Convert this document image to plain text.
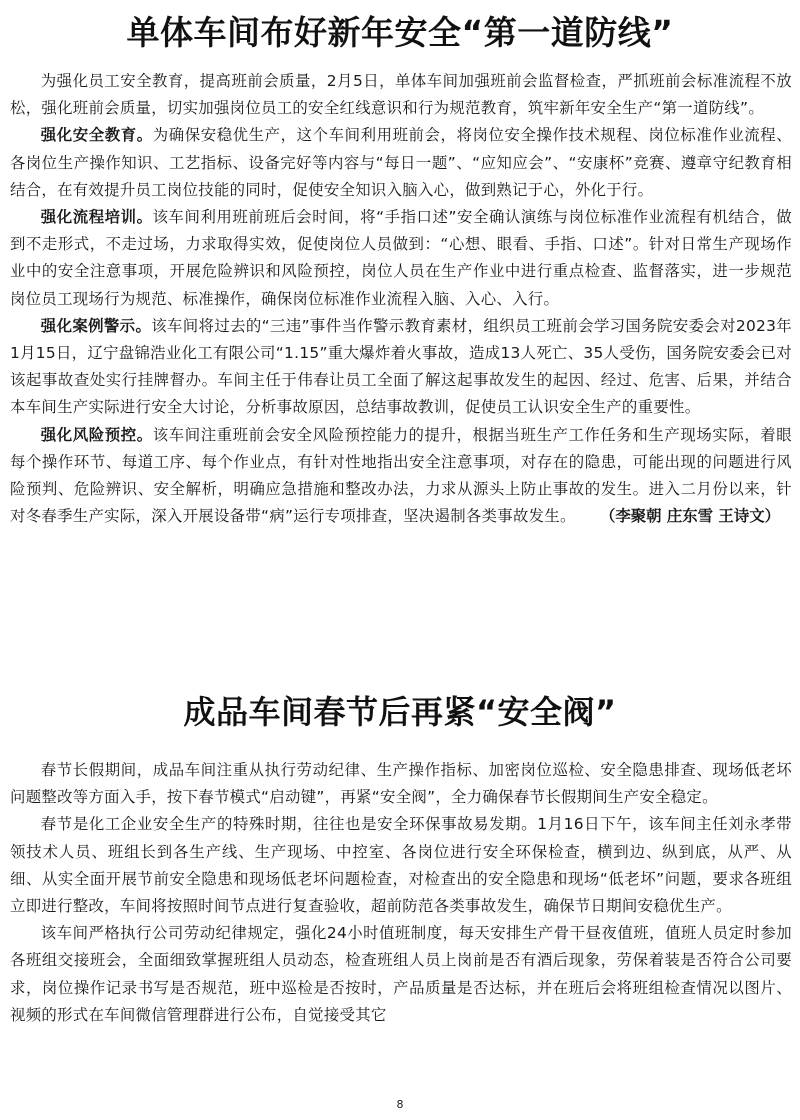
单体车间布好新年安全“第一道防线”

为强化员工安全教育，提高班前会质量，2月5日，单体车间加强班前会监督检查，严抓班前会标准流程不放松，强化班前会质量，切实加强岗位员工的安全红线意识和行为规范教育，筑牢新年安全生产“第一道防线”。

强化安全教育。为确保安稳优生产，这个车间利用班前会，将岗位安全操作技术规程、岗位标准作业流程、各岗位生产操作知识、工艺指标、设备完好等内容与“每日一题”、“应知应会”、“安康杯”竞赛、遵章守纪教育相结合，在有效提升员工岗位技能的同时，促使安全知识入脑入心，做到熟记于心，外化于行。

强化流程培训。该车间利用班前班后会时间，将“手指口述”安全确认演练与岗位标准作业流程有机结合，做到不走形式，不走过场，力求取得实效，促使岗位人员做到：“心想、眼看、手指、口述”。针对日常生产现场作业中的安全注意事项，开展危险辨识和风险预控，岗位人员在生产作业中进行重点检查、监督落实，进一步规范岗位员工现场行为规范、标准操作，确保岗位标准作业流程入脑、入心、入行。

强化案例警示。该车间将过去的“三违”事件当作警示教育素材，组织员工班前会学习国务院安委会对2023年1月15日，辽宁盘锦浩业化工有限公司“1.15”重大爆炸着火事故，造成13人死亡、35人受伤，国务院安委会已对该起事故查处实行挂牌督办。车间主任于伟春让员工全面了解这起事故发生的起因、经过、危害、后果，并结合本车间生产实际进行安全大讨论，分析事故原因，总结事故教训，促使员工认识安全生产的重要性。

强化风险预控。该车间注重班前会安全风险预控能力的提升，根据当班生产工作任务和生产现场实际，着眼每个操作环节、每道工序、每个作业点，有针对性地指出安全注意事项，对存在的隐患，可能出现的问题进行风险预判、危险辨识、安全解析，明确应急措施和整改办法，力求从源头上防止事故的发生。进入二月份以来，针对冬春季生产实际，深入开展设备带“病”运行专项排查，坚决遏制各类事故发生。	（李聚朝 庄东雪 王诗文）
成品车间春节后再紧“安全阀”

春节长假期间，成品车间注重从执行劳动纪律、生产操作指标、加密岗位巡检、安全隐患排查、现场低老坏问题整改等方面入手，按下春节模式“启动键”，再紧“安全阀”，全力确保春节长假期间生产安全稳定。

春节是化工企业安全生产的特殊时期，往往也是安全环保事故易发期。1月16日下午，该车间主任刘永孝带领技术人员、班组长到各生产线、生产现场、中控室、各岗位进行安全环保检查，横到边、纵到底，从严、从细、从实全面开展节前安全隐患和现场低老坏问题检查，对检查出的安全隐患和现场“低老坏”问题，要求各班组立即进行整改，车间将按照时间节点进行复查验收，超前防范各类事故发生，确保节日期间安稳优生产。

该车间严格执行公司劳动纪律规定，强化24小时值班制度，每天安排生产骨干昼夜值班，值班人员定时参加各班组交接班会，全面细致掌握班组人员动态，检查班组人员上岗前是否有酒后现象，劳保着装是否符合公司要求，岗位操作记录书写是否规范，班中巡检是否按时，产品质量是否达标，并在班后会将班组检查情况以图片、视频的形式在车间微信管理群进行公布，自觉接受其它

8
